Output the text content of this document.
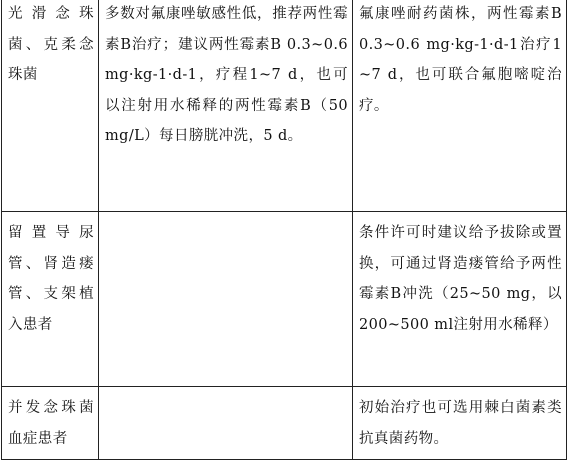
光滑念珠菌、克柔念珠菌	多数对氟康唑敏感性低，推荐两性霉素B治疗；建议两性霉素B 0.3~0.6 mg·kg-1·d-1，疗程1~7 d，也可以注射用水稀释的两性霉素B（50 mg/L）每日膀胱冲洗，5 d。	氟康唑耐药菌株，两性霉素B 0.3~0.6 mg·kg-1·d-1治疗1~7 d，也可联合氟胞嘧啶治疗。

留置导尿管、肾造瘘管、支架植入患者		条件许可时建议给予拔除或置换，可通过肾造瘘管给予两性霉素B冲洗（25~50 mg，以200~500 ml注射用水稀释）

并发念珠菌血症患者		初始治疗也可选用棘白菌素类抗真菌药物。
